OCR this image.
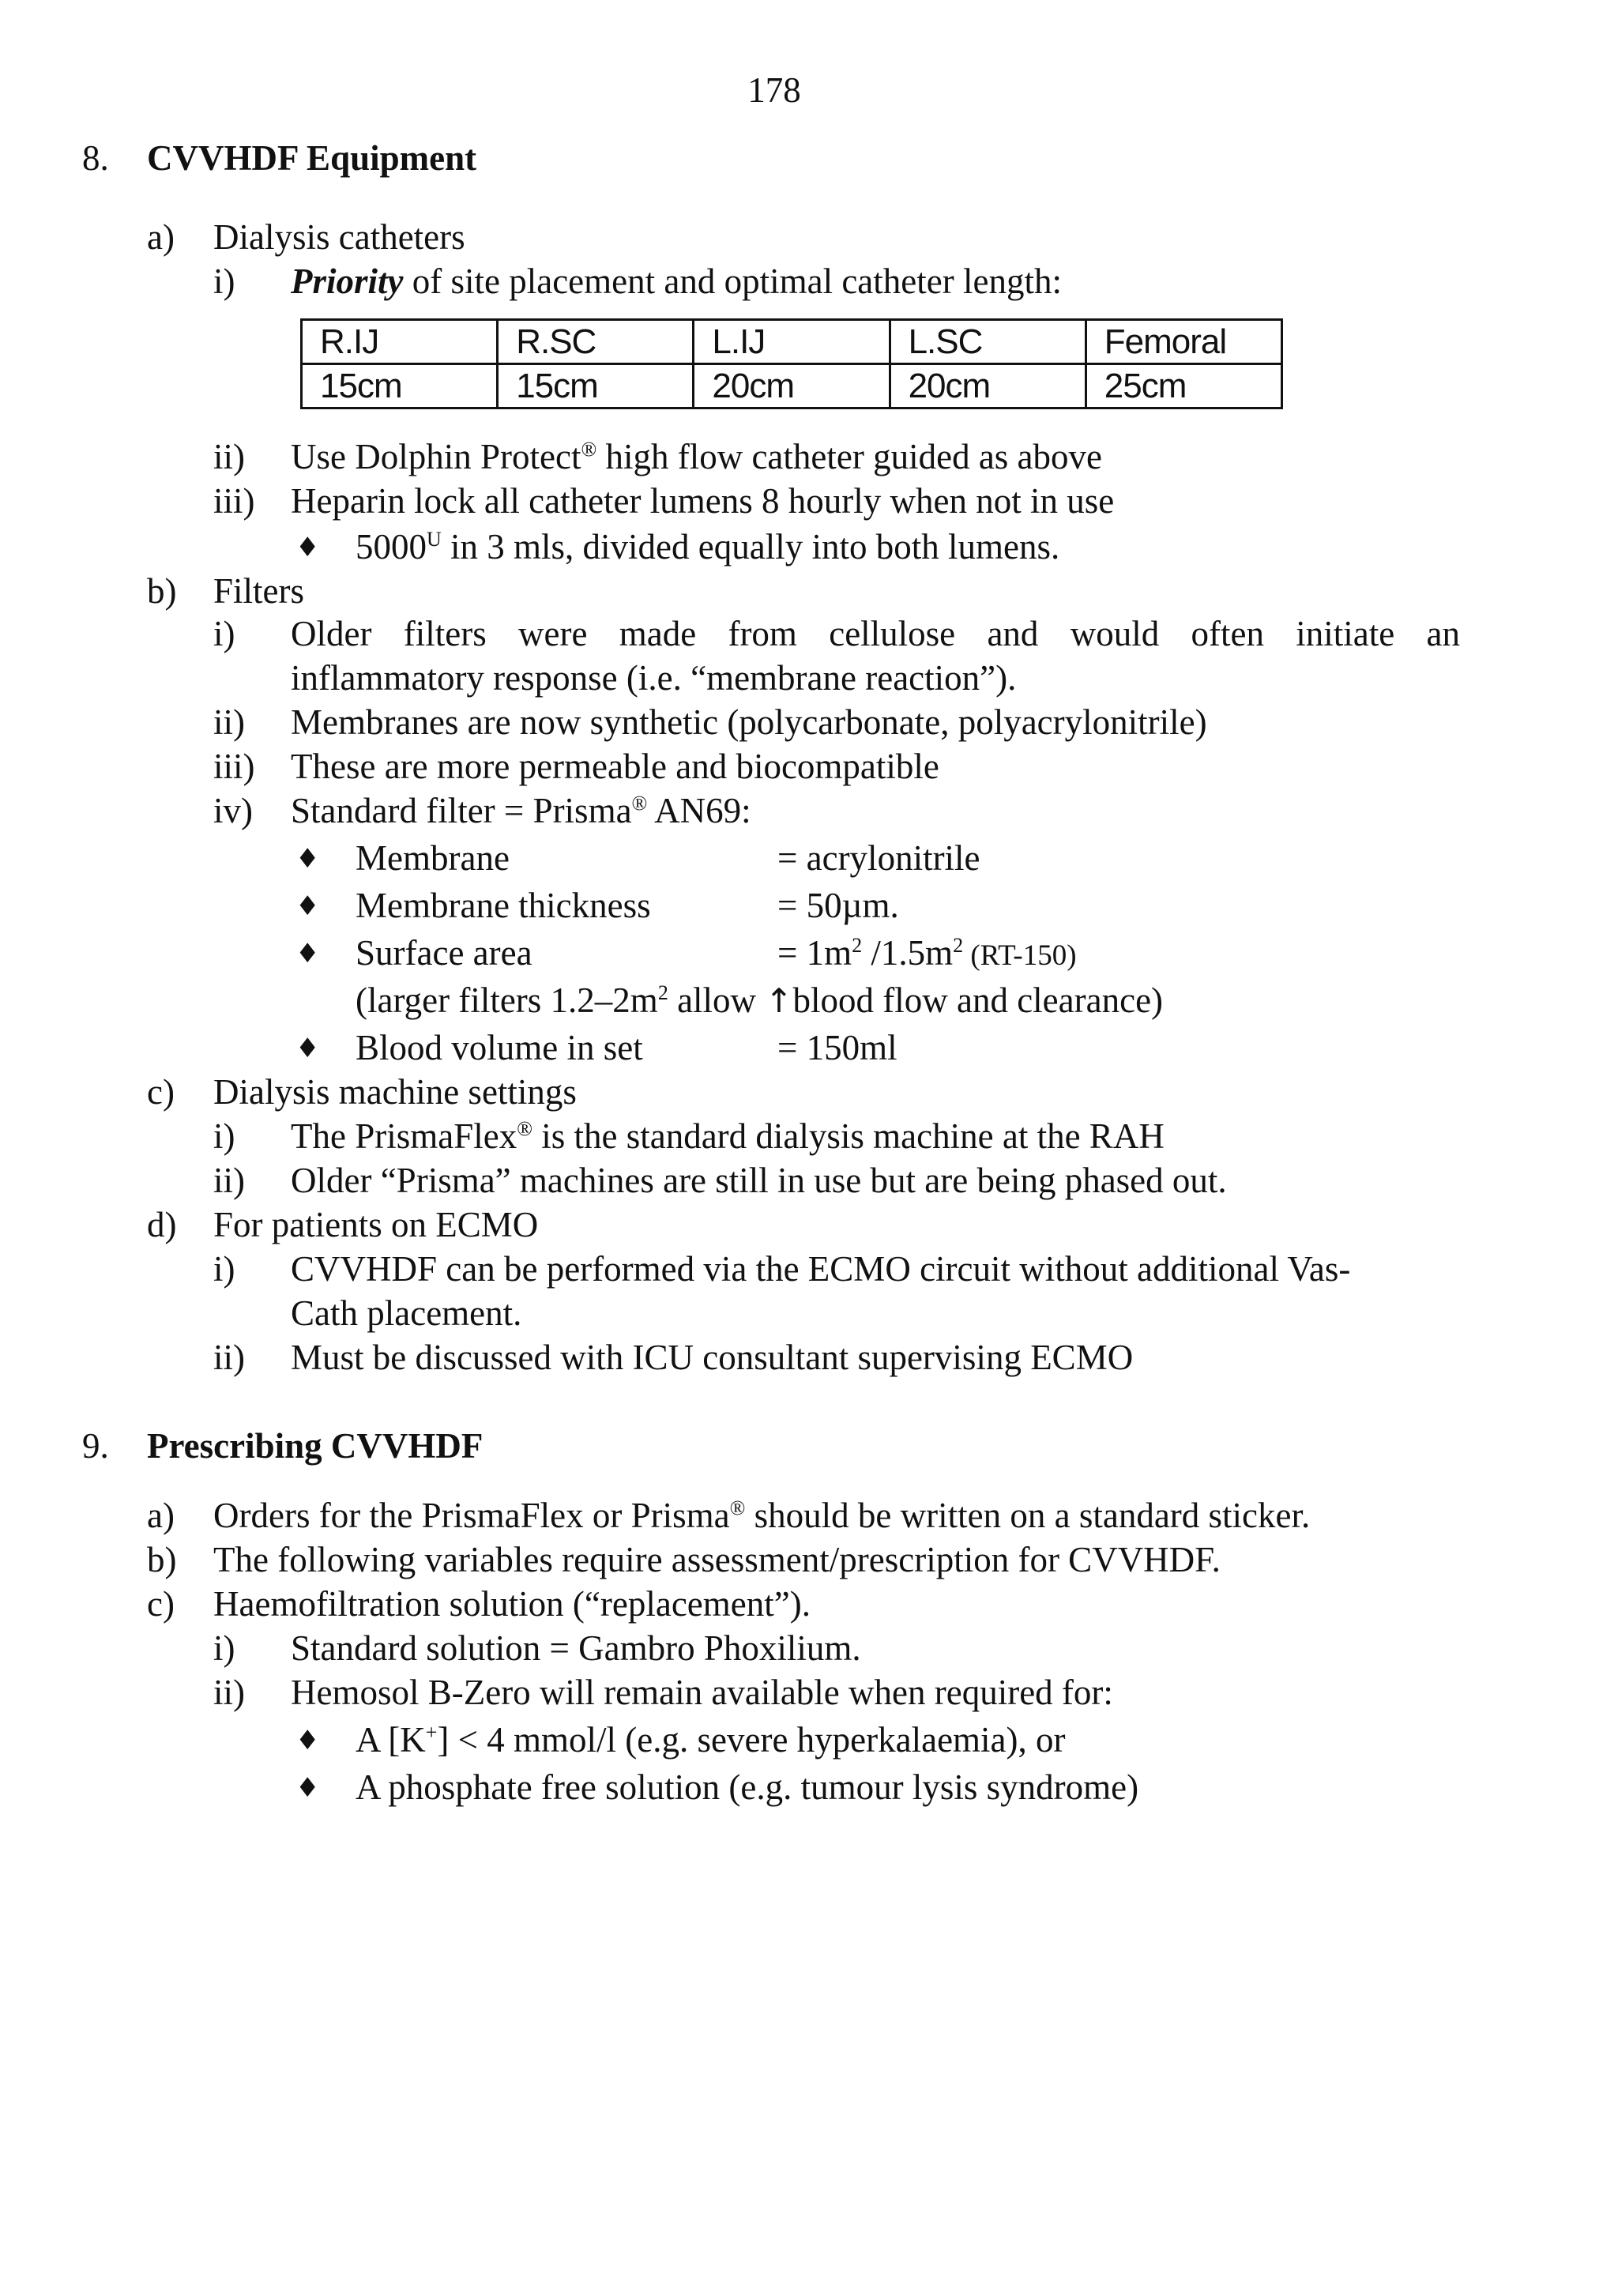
178
8. CVVHDF Equipment
a) Dialysis catheters
i) Priority of site placement and optimal catheter length:
R.IJ	R.SC	L.IJ	L.SC	Femoral
15cm	15cm	20cm	20cm	25cm
ii) Use Dolphin Protect® high flow catheter guided as above
iii) Heparin lock all catheter lumens 8 hourly when not in use
♦ $5000^U$ in 3 mls, divided equally into both lumens.
b) Filters
i) Older filters were made from cellulose and would often initiate an
inflammatory response (i.e. “membrane reaction”).
ii) Membranes are now synthetic (polycarbonate, polyacrylonitrile)
iii) These are more permeable and biocompatible
iv) Standard filter = Prisma® AN69:
♦ Membrane	= acrylonitrile
♦ Membrane thickness	= 50µm.
♦ Surface area	= $1m^2$ $/1.5m^2$ (RT-150)
(larger filters $1.2-2m^2$ allow ↑blood flow and clearance)
♦ Blood volume in set	= 150ml
c) Dialysis machine settings
i) The PrismaFlex® is the standard dialysis machine at the RAH
ii) Older “Prisma” machines are still in use but are being phased out.
d) For patients on ECMO
i) CVVHDF can be performed via the ECMO circuit without additional Vas-
Cath placement.
ii) Must be discussed with ICU consultant supervising ECMO
9. Prescribing CVVHDF
a) Orders for the PrismaFlex or Prisma® should be written on a standard sticker.
b) The following variables require assessment/prescription for CVVHDF.
c) Haemofiltration solution (“replacement”).
i) Standard solution = Gambro Phoxilium.
ii) Hemosol B-Zero will remain available when required for:
♦ A [K+] < 4 mmol/l (e.g. severe hyperkalaemia), or
♦ A phosphate free solution (e.g. tumour lysis syndrome)
